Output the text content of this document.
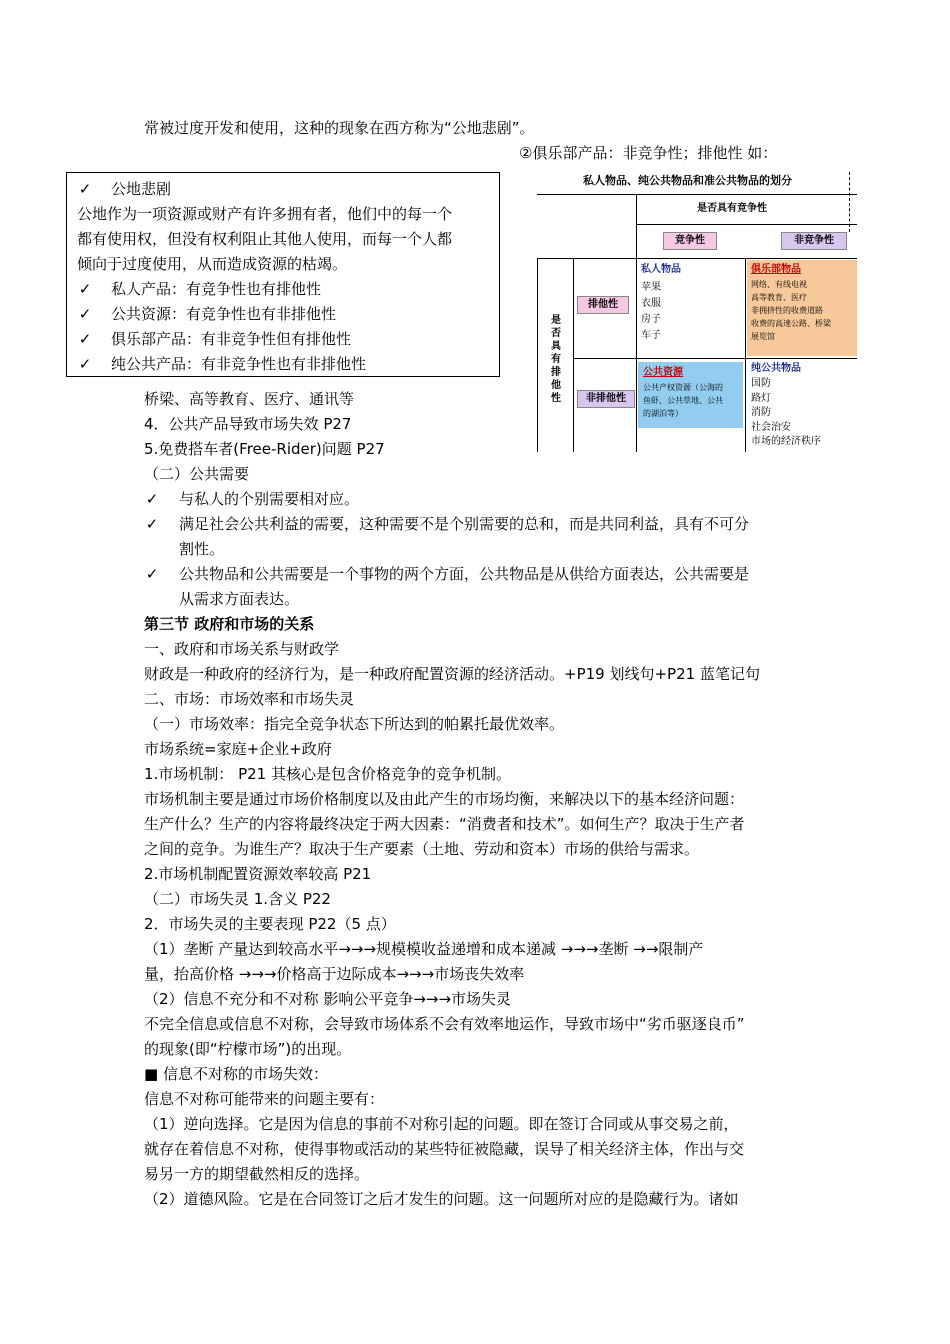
常被过度开发和使用，这种的现象在西方称为“公地悲剧”。
②俱乐部产品：非竞争性；排他性 如：
✓ 公地悲剧
公地作为一项资源或财产有许多拥有者，他们中的每一个
都有使用权，但没有权利阻止其他人使用，而每一个人都
倾向于过度使用，从而造成资源的枯竭。
✓ 私人产品：有竞争性也有排他性
✓ 公共资源：有竞争性也有非排他性
✓ 俱乐部产品：有非竞争性但有排他性
✓ 纯公共产品：有非竞争性也有非排他性
私人物品、纯公共物品和准公共物品的划分
是否具有竞争性
竞争性	非竞争性
是否具有排他性
排他性
非排他性
私人物品
苹果
衣服
房子
车子
俱乐部物品
网络、有线电视
高等教育、医疗
非拥挤性的收费道路
收费的高速公路、桥梁
展览馆
公共资源
公共产权资源（公海的
鱼虾、公共草地、公共
的湖泊等）
纯公共物品
国防
路灯
消防
社会治安
市场的经济秩序
桥梁、高等教育、医疗、通讯等
4．公共产品导致市场失效 P27
5.免费搭车者(Free-Rider)问题 P27
（二）公共需要
✓ 与私人的个别需要相对应。
✓ 满足社会公共利益的需要，这种需要不是个别需要的总和，而是共同利益，具有不可分
割性。
✓ 公共物品和公共需要是一个事物的两个方面，公共物品是从供给方面表达，公共需要是
从需求方面表达。
第三节 政府和市场的关系
一、政府和市场关系与财政学
财政是一种政府的经济行为，是一种政府配置资源的经济活动。+P19 划线句+P21 蓝笔记句
二、市场：市场效率和市场失灵
（一）市场效率：指完全竞争状态下所达到的帕累托最优效率。
市场系统=家庭+企业+政府
1.市场机制： P21 其核心是包含价格竞争的竞争机制。
市场机制主要是通过市场价格制度以及由此产生的市场均衡，来解决以下的基本经济问题：
生产什么？生产的内容将最终决定于两大因素：“消费者和技术”。如何生产？取决于生产者
之间的竞争。为谁生产？取决于生产要素（土地、劳动和资本）市场的供给与需求。
2.市场机制配置资源效率较高 P21
（二）市场失灵 1.含义 P22
2．市场失灵的主要表现 P22（5 点）
（1）垄断 产量达到较高水平→→→规模模收益递增和成本递减 →→→垄断 →→限制产
量，抬高价格 →→→价格高于边际成本→→→市场丧失效率
（2）信息不充分和不对称 影响公平竞争→→→市场失灵
不完全信息或信息不对称，会导致市场体系不会有效率地运作，导致市场中“劣币驱逐良币”
的现象(即“柠檬市场”)的出现。
■ 信息不对称的市场失效：
信息不对称可能带来的问题主要有：
（1）逆向选择。它是因为信息的事前不对称引起的问题。即在签订合同或从事交易之前，
就存在着信息不对称，使得事物或活动的某些特征被隐藏，误导了相关经济主体，作出与交
易另一方的期望截然相反的选择。
（2）道德风险。它是在合同签订之后才发生的问题。这一问题所对应的是隐藏行为。诸如
